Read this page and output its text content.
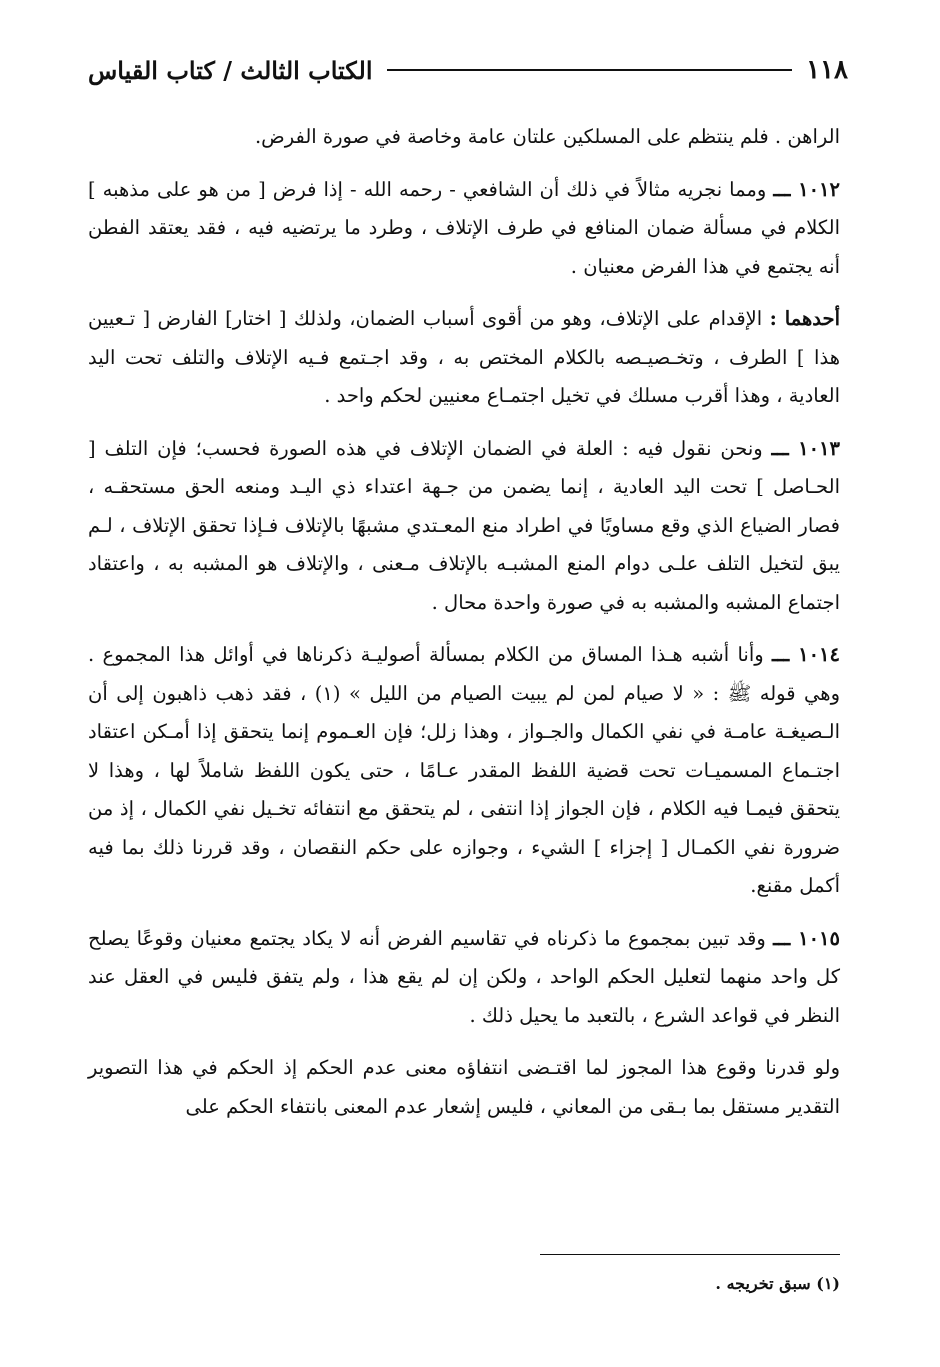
١١٨
الكتاب الثالث / كتاب القياس

الراهن . فلم ينتظم على المسلكين علتان عامة وخاصة في صورة الفرض.

١٠١٢ ـــ ومما نجريه مثالاً في ذلك أن الشافعي - رحمه الله - إذا فرض [ من هو على مذهبه ] الكلام في مسألة ضمان المنافع في طرف الإتلاف ، وطرد ما يرتضيه فيه ، فقد يعتقد الفطن أنه يجتمع في هذا الفرض معنيان .

أحدهما : الإقدام على الإتلاف، وهو من أقوى أسباب الضمان، ولذلك [ اختار] الفارض [ تـعيين هذا ] الطرف ، وتخـصيـصه بالكلام المختص به ، وقد اجـتمع فـيه الإتلاف والتلف تحت اليد العادية ، وهذا أقرب مسلك في تخيل اجتمـاع معنيين لحكم واحد .

١٠١٣ ـــ ونحن نقول فيه : العلة في الضمان الإتلاف في هذه الصورة فحسب؛ فإن التلف [ الحـاصل ] تحت اليد العادية ، إنما يضمن من جـهة اعتداء ذي اليـد ومنعه الحق مستحقـه ، فصار الضياع الذي وقع مساويًا في اطراد منع المعـتدي مشبهًا بالإتلاف فـإذا تحقق الإتلاف ، لـم يبق لتخيل التلف علـى دوام المنع المشبـه بالإتلاف مـعنى ، والإتلاف هو المشبه به ، واعتقاد اجتماع المشبه والمشبه به في صورة واحدة محال .

١٠١٤ ـــ وأنا أشبه هـذا المساق من الكلام بمسألة أصوليـة ذكرناها في أوائل هذا المجموع . وهي قوله ﷺ : « لا صيام لمن لم يبيت الصيام من الليل » (١) ، فقد ذهب ذاهبون إلى أن الـصيغـة عامـة في نفي الكمال والجـواز ، وهذا زلل؛ فإن العـموم إنما يتحقق إذا أمـكن اعتقاد اجتـماع المسميـات تحت قضية اللفظ المقدر عـامًا ، حتى يكون اللفظ شاملاً لها ، وهذا لا يتحقق فيمـا فيه الكلام ، فإن الجواز إذا انتفى ، لم يتحقق مع انتفائه تخـيل نفي الكمال ، إذ من ضرورة نفي الكمـال [ إجزاء ] الشيء ، وجوازه على حكم النقصان ، وقد قررنا ذلك بما فيه أكمل مقنع.

١٠١٥ ـــ وقد تبين بمجموع ما ذكرناه في تقاسيم الفرض أنه لا يكاد يجتمع معنيان وقوعًا يصلح كل واحد منهما لتعليل الحكم الواحد ، ولكن إن لم يقع هذا ، ولم يتفق فليس في العقل عند النظر في قواعد الشرع ، بالتعبد ما يحيل ذلك .

ولو قدرنا وقوع هذا المجوز لما اقتـضى انتفاؤه معنى عدم الحكم إذ الحكم في هذا التصوير التقدير مستقل بما بـقى من المعاني ، فليس إشعار عدم المعنى بانتفاء الحكم على

(١) سبق تخريجه .
